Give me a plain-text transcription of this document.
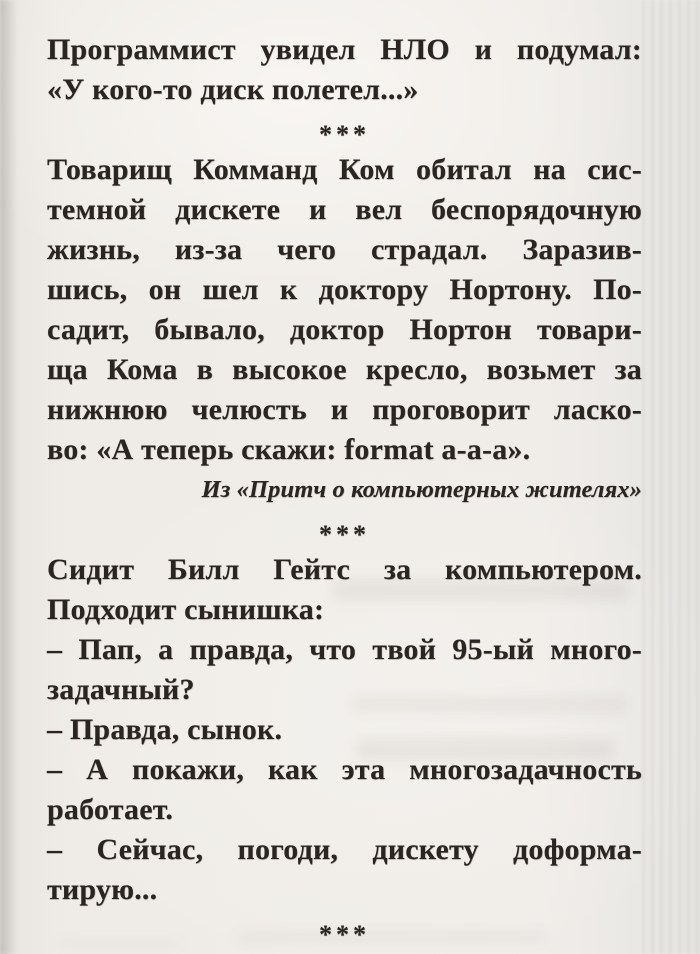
Программист увидел НЛО и подумал:
«У кого-то диск полетел...»
***
Товарищ Комманд Ком обитал на сис-
темной дискете и вел беспорядочную
жизнь, из-за чего страдал. Заразив-
шись, он шел к доктору Нортону. По-
садит, бывало, доктор Нортон товари-
ща Кома в высокое кресло, возьмет за
нижнюю челюсть и проговорит ласко-
во: «А теперь скажи: format а-а-а».
Из «Притч о компьютерных жителях»
***
Сидит Билл Гейтс за компьютером.
Подходит сынишка:
– Пап, а правда, что твой 95-ый много-
задачный?
– Правда, сынок.
– А покажи, как эта многозадачность
работает.
– Сейчас, погоди, дискету доформа-
тирую...
***
